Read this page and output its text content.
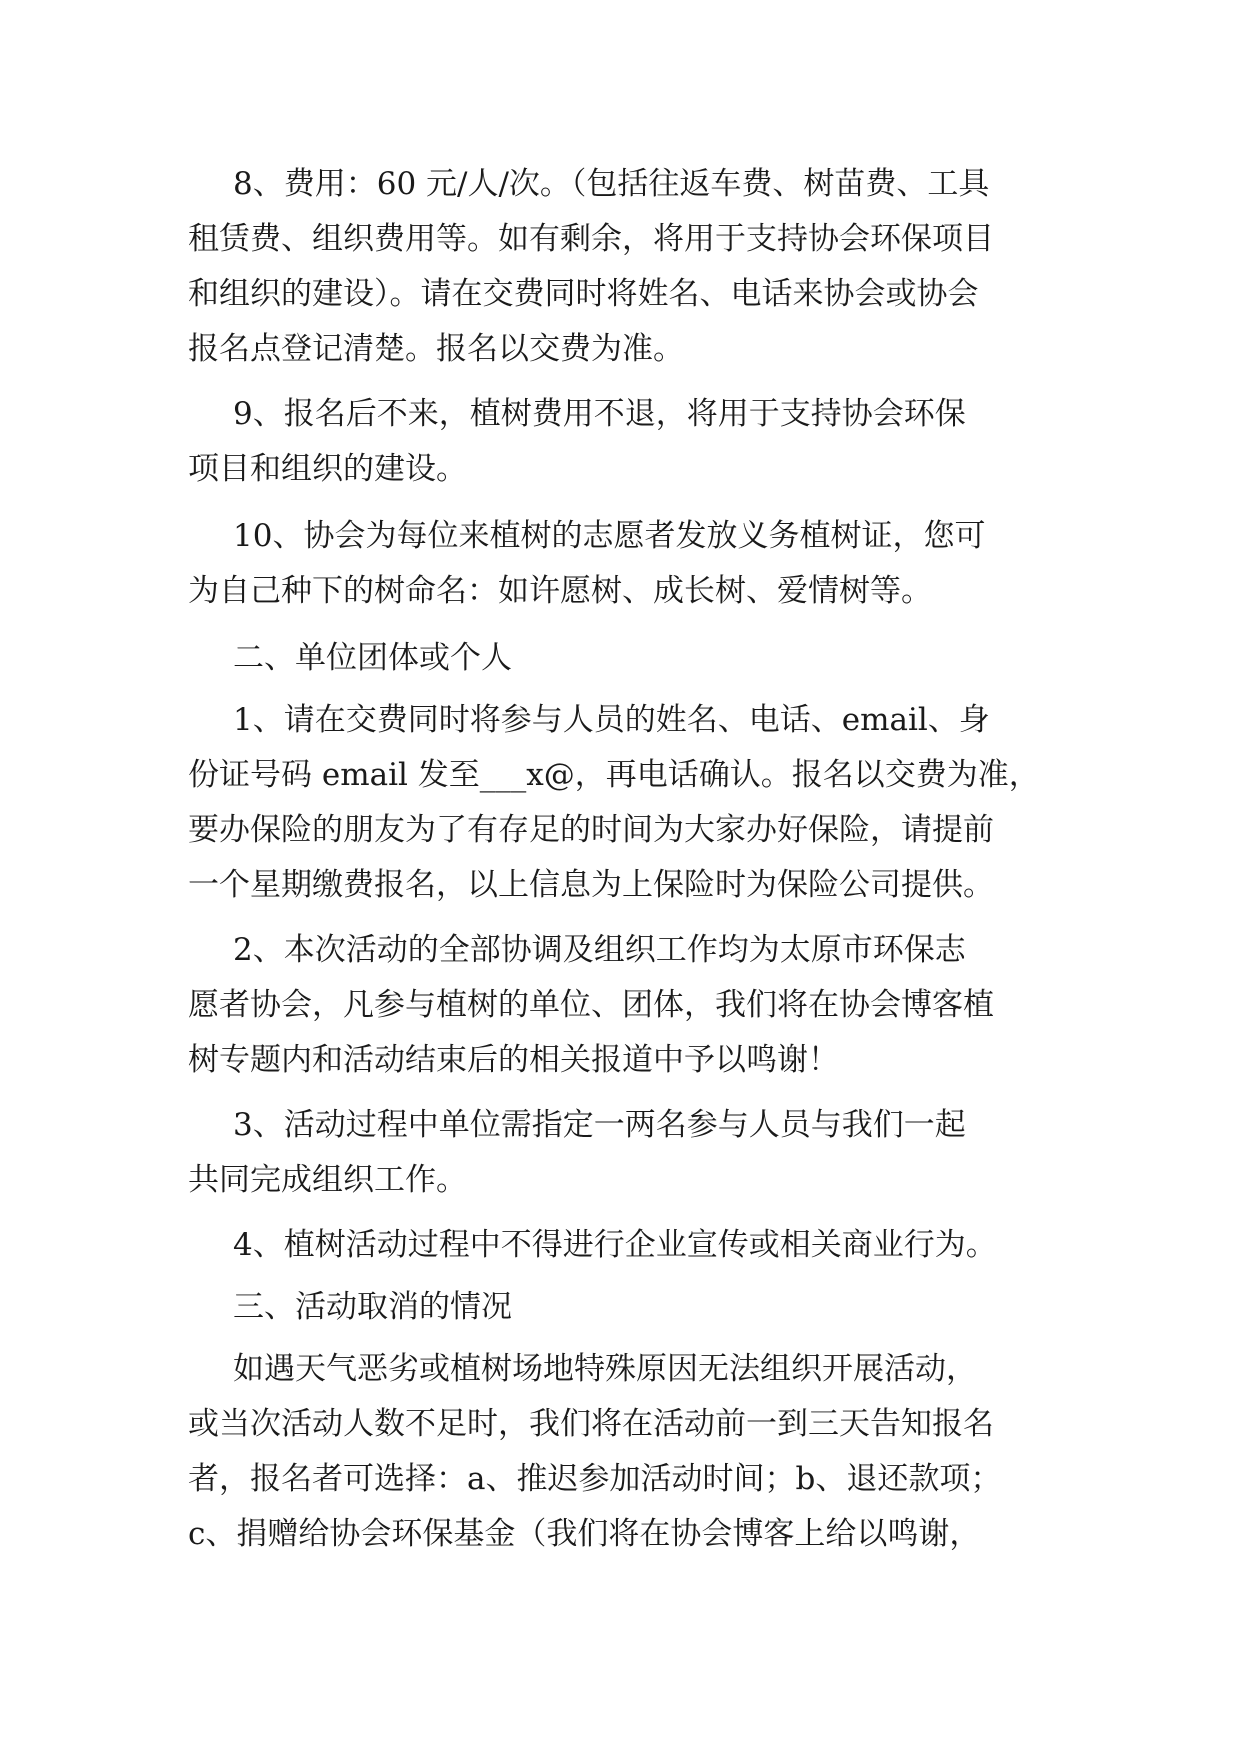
8、费用：60 元/人/次。（包括往返车费、树苗费、工具
租赁费、组织费用等。如有剩余，将用于支持协会环保项目
和组织的建设）。请在交费同时将姓名、电话来协会或协会
报名点登记清楚。报名以交费为准。
9、报名后不来，植树费用不退，将用于支持协会环保
项目和组织的建设。
10、协会为每位来植树的志愿者发放义务植树证，您可
为自己种下的树命名：如许愿树、成长树、爱情树等。
二、单位团体或个人
1、请在交费同时将参与人员的姓名、电话、email、身
份证号码 email 发至___x@，再电话确认。报名以交费为准，
要办保险的朋友为了有存足的时间为大家办好保险，请提前
一个星期缴费报名，以上信息为上保险时为保险公司提供。
2、本次活动的全部协调及组织工作均为太原市环保志
愿者协会，凡参与植树的单位、团体，我们将在协会博客植
树专题内和活动结束后的相关报道中予以鸣谢！
3、活动过程中单位需指定一两名参与人员与我们一起
共同完成组织工作。
4、植树活动过程中不得进行企业宣传或相关商业行为。
三、活动取消的情况
如遇天气恶劣或植树场地特殊原因无法组织开展活动，
或当次活动人数不足时，我们将在活动前一到三天告知报名
者，报名者可选择：a、推迟参加活动时间；b、退还款项；
c、捐赠给协会环保基金（我们将在协会博客上给以鸣谢，
